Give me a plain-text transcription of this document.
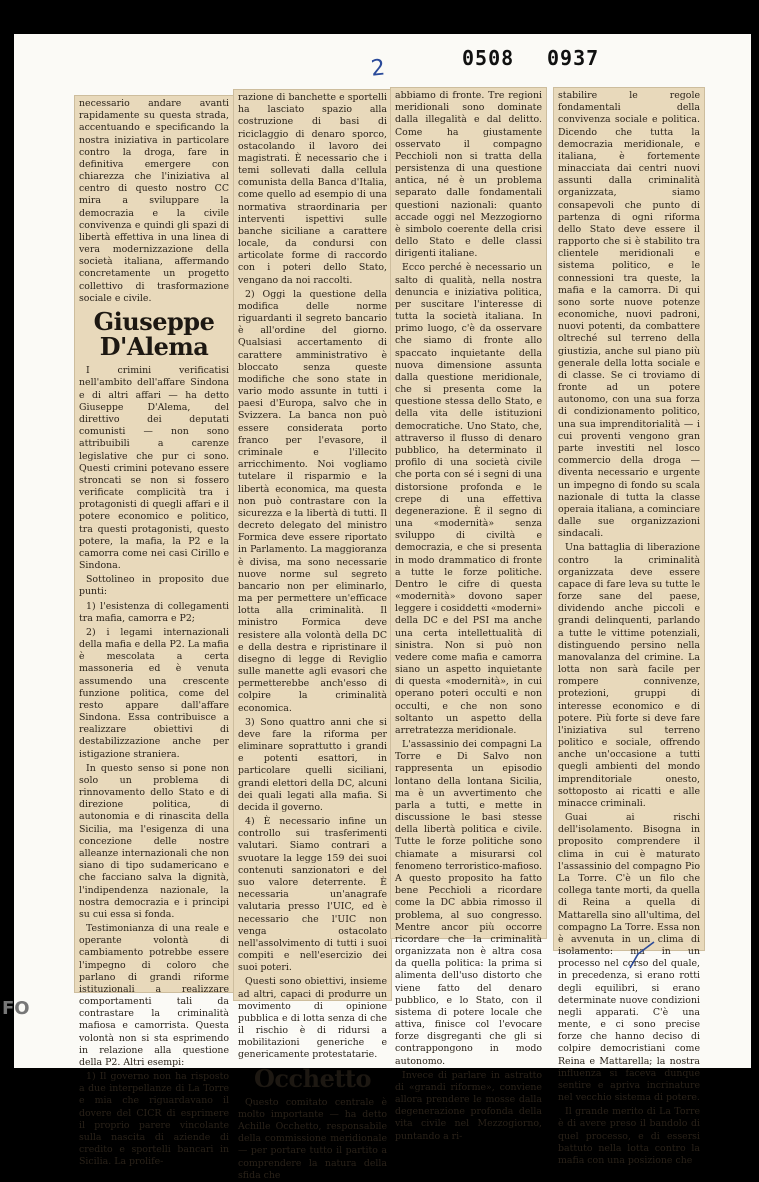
0508 0937
2

necessario andare avanti rapidamente su questa strada, accentuando e specificando la nostra iniziativa in particolare contro la droga, fare in definitiva emergere con chiarezza che l'iniziativa al centro di questo nostro CC mira a sviluppare la democrazia e la civile convivenza e quindi gli spazi di libertà effettiva in una linea di vera modernizzazione della società italiana, affermando concretamente un progetto collettivo di trasformazione sociale e civile.

Giuseppe D'Alema

I crimini verificatisi nell'ambito dell'affare Sindona e di altri affari — ha detto Giuseppe D'Alema, del direttivo dei deputati comunisti — non sono attribuibili a carenze legislative che pur ci sono. Questi crimini potevano essere stroncati se non si fossero verificate complicità tra i protagonisti di quegli affari e il potere economico e politico, tra questi protagonisti, questo potere, la mafia, la P2 e la camorra come nei casi Cirillo e Sindona.

Sottolineo in proposito due punti:

1) l'esistenza di collegamenti tra mafia, camorra e P2;

2) i legami internazionali della mafia e della P2. La mafia è mescolata a certa massoneria ed è venuta assumendo una crescente funzione politica, come del resto appare dall'affare Sindona. Essa contribuisce a realizzare obiettivi di destabilizzazione anche per istigazione straniera.

In questo senso si pone non solo un problema di rinnovamento dello Stato e di direzione politica, di autonomia e di rinascita della Sicilia, ma l'esigenza di una concezione delle nostre alleanze internazionali che non siano di tipo sudamericano e che facciano salva la dignità, l'indipendenza nazionale, la nostra democrazia e i principi su cui essa si fonda.

Testimonianza di una reale e operante volontà di cambiamento potrebbe essere l'impegno di coloro che parlano di grandi riforme istituzionali a realizzare comportamenti tali da contrastare la criminalità mafiosa e camorrista. Questa volontà non si sta esprimendo in relazione alla questione della P2. Altri esempi:

1) Il governo non ha risposto a due interpellanze di La Torre e mia che riguardavano il dovere del CICR di esprimere il proprio parere vincolante sulla nascita di aziende di credito e sportelli bancari in Sicilia. La prolife-

razione di banchette e sportelli ha lasciato spazio alla costruzione di basi di riciclaggio di denaro sporco, ostacolando il lavoro dei magistrati. È necessario che i temi sollevati dalla cellula comunista della Banca d'Italia, come quello ad esempio di una normativa straordinaria per interventi ispettivi sulle banche siciliane a carattere locale, da condursi con articolate forme di raccordo con i poteri dello Stato, vengano da noi raccolti.

2) Oggi la questione della modifica delle norme riguardanti il segreto bancario è all'ordine del giorno. Qualsiasi accertamento di carattere amministrativo è bloccato senza queste modifiche che sono state in vario modo assunte in tutti i paesi d'Europa, salvo che in Svizzera. La banca non può essere considerata porto franco per l'evasore, il criminale e l'illecito arricchimento. Noi vogliamo tutelare il risparmio e la libertà economica, ma questa non può contrastare con la sicurezza e la libertà di tutti. Il decreto delegato del ministro Formica deve essere riportato in Parlamento. La maggioranza è divisa, ma sono necessarie nuove norme sul segreto bancario non per eliminarlo, ma per permettere un'efficace lotta alla criminalità. Il ministro Formica deve resistere alla volontà della DC e della destra e ripristinare il disegno di legge di Reviglio sulle manette agli evasori che permetterebbe anch'esso di colpire la criminalità economica.

3) Sono quattro anni che si deve fare la riforma per eliminare soprattutto i grandi e potenti esattori, in particolare quelli siciliani, grandi elettori della DC, alcuni dei quali legati alla mafia. Si decida il governo.

4) È necessario infine un controllo sui trasferimenti valutari. Siamo contrari a svuotare la legge 159 dei suoi contenuti sanzionatori e del suo valore deterrente. È necessaria un'anagrafe valutaria presso l'UIC, ed è necessario che l'UIC non venga ostacolato nell'assolvimento di tutti i suoi compiti e nell'esercizio dei suoi poteri.

Questi sono obiettivi, insieme ad altri, capaci di produrre un movimento di opinione pubblica e di lotta senza di che il rischio è di ridursi a mobilitazioni generiche e genericamente protestatarie.

Occhetto

Questo comitato centrale è molto importante — ha detto Achille Occhetto, responsabile della commissione meridionale — per portare tutto il partito a comprendere la natura della sfida che

abbiamo di fronte. Tre regioni meridionali sono dominate dalla illegalità e dal delitto. Come ha giustamente osservato il compagno Pecchioli non si tratta della persistenza di una questione antica, né è un problema separato dalle fondamentali questioni nazionali: quanto accade oggi nel Mezzogiorno è simbolo coerente della crisi dello Stato e delle classi dirigenti italiane.

Ecco perché è necessario un salto di qualità, nella nostra denuncia e iniziativa politica, per suscitare l'interesse di tutta la società italiana. In primo luogo, c'è da osservare che siamo di fronte allo spaccato inquietante della nuova dimensione assunta dalla questione meridionale, che si presenta come la questione stessa dello Stato, e della vita delle istituzioni democratiche. Uno Stato, che, attraverso il flusso di denaro pubblico, ha determinato il profilo di una società civile che porta con sé i segni di una distorsione profonda e le crepe di una effettiva degenerazione. È il segno di una «modernità» senza sviluppo di civiltà e democrazia, e che si presenta in modo drammatico di fronte a tutte le forze politiche. Dentro le cifre di questa «modernità» dovono saper leggere i cosiddetti «moderni» della DC e del PSI ma anche una certa intellettualità di sinistra. Non si può non vedere come mafia e camorra siano un aspetto inquietante di questa «modernità», in cui operano poteri occulti e non occulti, e che non sono soltanto un aspetto della arretratezza meridionale.

L'assassinio dei compagni La Torre e Di Salvo non rappresenta un episodio lontano della lontana Sicilia, ma è un avvertimento che parla a tutti, e mette in discussione le basi stesse della libertà politica e civile. Tutte le forze politiche sono chiamate a misurarsi col fenomeno terroristico-mafioso. A questo proposito ha fatto bene Pecchioli a ricordare come la DC abbia rimosso il problema, al suo congresso. Mentre ancor più occorre ricordare che la criminalità organizzata non è altra cosa da quella politica: la prima si alimenta dell'uso distorto che viene fatto del denaro pubblico, e lo Stato, con il sistema di potere locale che attiva, finisce col l'evocare forze disgreganti che gli si contrappongono in modo autonomo.

Invece di parlare in astratto di «grandi riforme», conviene allora prendere le mosse dalla degenerazione profonda della vita civile nel Mezzogiorno, puntando a ri-

stabilire le regole fondamentali della convivenza sociale e politica. Dicendo che tutta la democrazia meridionale, e italiana, è fortemente minacciata dai centri nuovi assunti dalla criminalità organizzata, siamo consapevoli che punto di partenza di ogni riforma dello Stato deve essere il rapporto che si è stabilito tra clientele meridionali e sistema politico, e le connessioni tra queste, la mafia e la camorra. Di qui sono sorte nuove potenze economiche, nuovi padroni, nuovi potenti, da combattere oltreché sul terreno della giustizia, anche sul piano più generale della lotta sociale e di classe. Se ci troviamo di fronte ad un potere autonomo, con una sua forza di condizionamento politico, una sua imprenditorialità — i cui proventi vengono gran parte investiti nel losco commercio della droga — diventa necessario e urgente un impegno di fondo su scala nazionale di tutta la classe operaia italiana, a cominciare dalle sue organizzazioni sindacali.

Una battaglia di liberazione contro la criminalità organizzata deve essere capace di fare leva su tutte le forze sane del paese, dividendo anche piccoli e grandi delinquenti, parlando a tutte le vittime potenziali, distinguendo persino nella manovalanza del crimine. La lotta non sarà facile per rompere connivenze, protezioni, gruppi di interesse economico e di potere. Più forte si deve fare l'iniziativa sul terreno politico e sociale, offrendo anche un'occasione a tutti quegli ambienti del mondo imprenditoriale onesto, sottoposto ai ricatti e alle minacce criminali.

Guai ai rischi dell'isolamento. Bisogna in proposito comprendere il clima in cui è maturato l'assassinio del compagno Pio La Torre. C'è un filo che collega tante morti, da quella di Reina a quella di Mattarella sino all'ultima, del compagno La Torre. Essa non è avvenuta in un clima di isolamento: ma in un processo nel corso del quale, in precedenza, si erano rotti degli equilibri, si erano determinate nuove condizioni negli apparati. C'è una mente, e ci sono precise forze che hanno deciso di colpire democristiani come Reina e Mattarella; la nostra influenza si faceva dunque sentire e apriva incrinature nel vecchio sistema di potere.

Il grande merito di La Torre è di avere preso il bandolo di quel processo, e di essersi battuto nella lotta contro la mafia con una posizione che

FO
